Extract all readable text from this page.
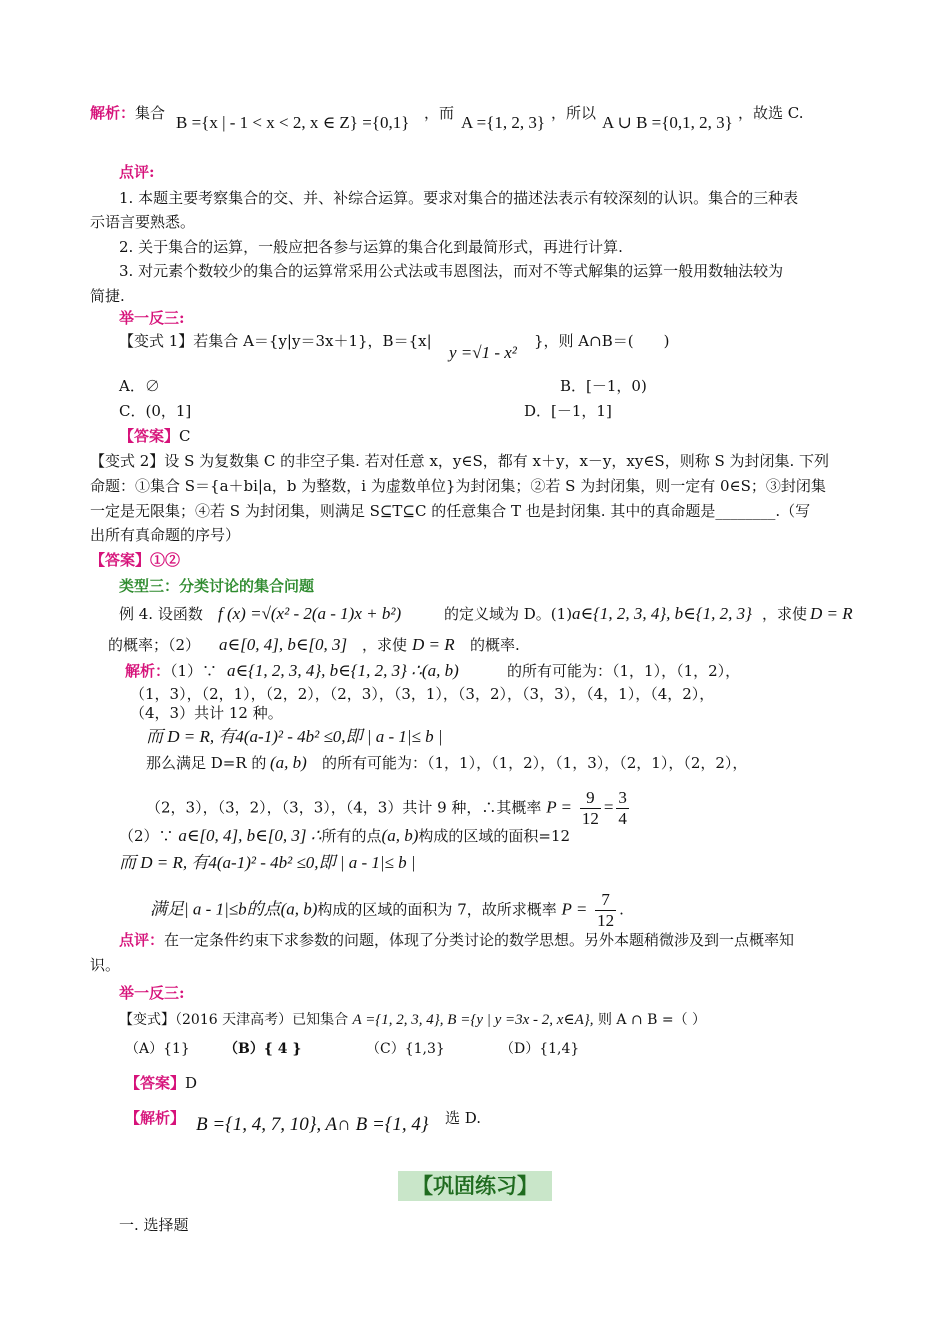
解析：集合 B ={x | - 1 < x < 2, x ∈ Z} ={0,1} ，而 A ={1, 2, 3} ，所以 A ∪ B ={0,1, 2, 3} ，故选 C.
点评:
1. 本题主要考察集合的交、并、补综合运算。要求对集合的描述法表示有较深刻的认识。集合的三种表
示语言要熟悉。
2. 关于集合的运算，一般应把各参与运算的集合化到最简形式，再进行计算.
3. 对元素个数较少的集合的运算常采用公式法或韦恩图法，而对不等式解集的运算一般用数轴法较为
简捷.
举一反三:
【变式 1】若集合 A＝{y|y＝3x＋1}，B＝{x|
y =√1 - x²
}，则 A∩B＝(　　)
A．∅	B．[－1，0)
C．(0，1]	D．[－1，1]
【答案】C
【变式 2】设 S 为复数集 C 的非空子集. 若对任意 x，y∈S，都有 x＋y，x－y，xy∈S，则称 S 为封闭集. 下列
命题：①集合 S＝{a＋bi|a，b 为整数，i 为虚数单位}为封闭集；②若 S 为封闭集，则一定有 0∈S；③封闭集
一定是无限集；④若 S 为封闭集，则满足 S⊆T⊆C 的任意集合 T 也是封闭集. 其中的真命题是________.（写
出所有真命题的序号）
【答案】①②
类型三：分类讨论的集合问题
例 4. 设函数 f (x) =√(x² - 2(a - 1)x + b²)	的定义域为 D。(1) a∈{1, 2, 3, 4}, b∈{1, 2, 3} ，求使 D = R
的概率；（2） a∈[0, 4], b∈[0, 3] ，求使 D = R 的概率.
解析：（1）∵ a∈{1, 2, 3, 4}, b∈{1, 2, 3} ∴(a, b)	的所有可能为：（1，1），（1，2），
（1，3），（2，1），（2，2），（2，3），（3，1），（3，2），（3，3），（4，1），（4，2），
（4，3）共计 12 种。
而 D = R, 有4(a-1)² - 4b² ≤0,即 | a - 1|≤ b |
那么满足 D=R 的 (a, b) 的所有可能为：（1，1），（1，2），（1，3），（2，1），（2，2），
（2，3），（3，2），（3，3），（4，3）共计 9 种，∴其概率 $P = \frac{9}{12} = \frac{3}{4}$
（2）∵ a∈[0, 4], b∈[0, 3] ∴所有的点(a, b)构成的区域的面积=12
而 D = R, 有4(a-1)² - 4b² ≤0,即 | a - 1|≤ b |
满足| a - 1|≤b的点(a, b)构成的区域的面积为 7，故所求概率 $P = \frac{7}{12}$ .
点评：在一定条件约束下求参数的问题，体现了分类讨论的数学思想。另外本题稍微涉及到一点概率知
识。
举一反三:
【变式】（2016 天津高考）已知集合 A ={1, 2, 3, 4}, B ={y | y =3x - 2, x∈A}, 则 A ∩ B =（ ）
（A）{1} （B）{ 4 }	（C）{1,3}	（D）{1,4}
【答案】D
【解析】 B ={1, 4, 7, 10}, A∩ B ={1, 4} 选 D.
【巩固练习】
一. 选择题
